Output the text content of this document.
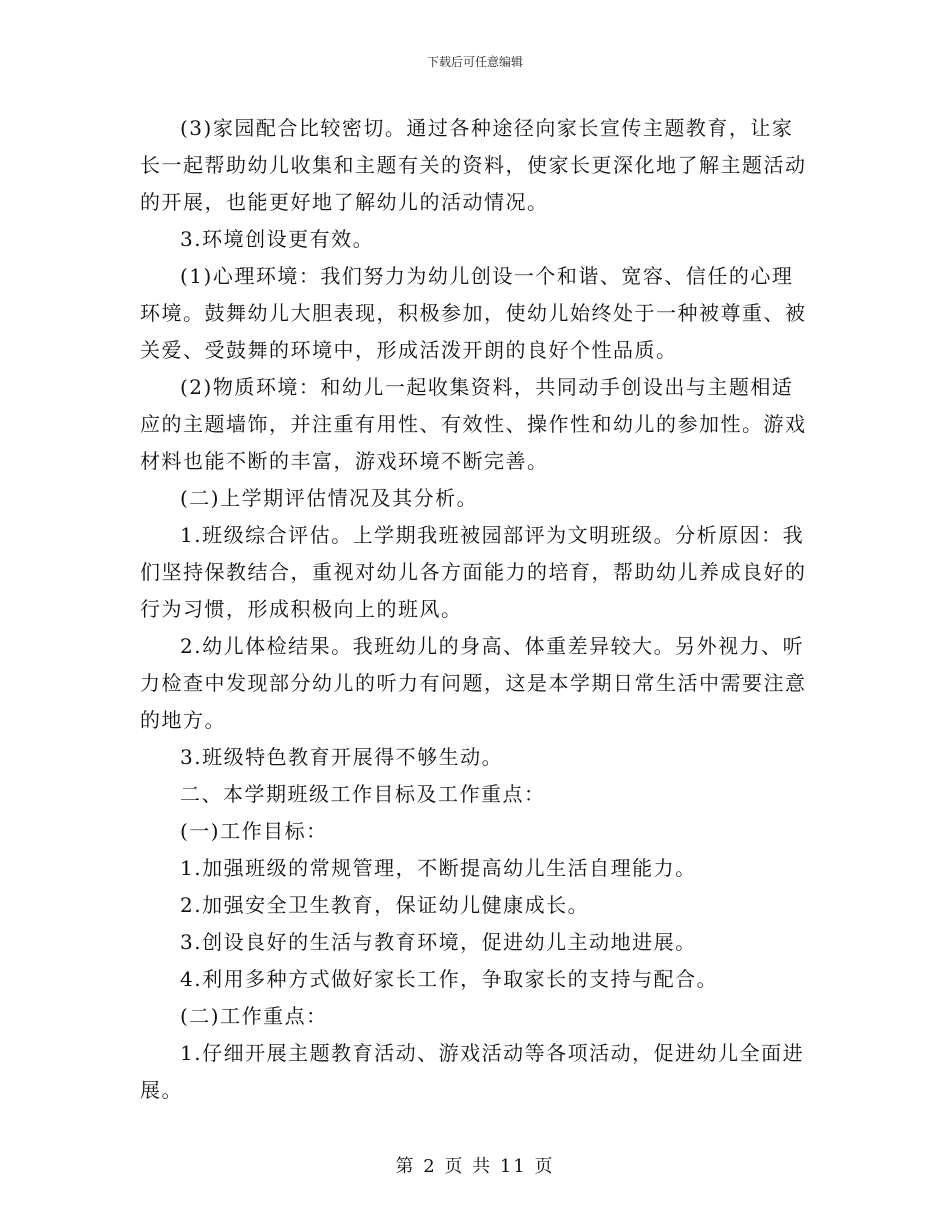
下载后可任意编辑

(3)家园配合比较密切。通过各种途径向家长宣传主题教育，让家长一起帮助幼儿收集和主题有关的资料，使家长更深化地了解主题活动的开展，也能更好地了解幼儿的活动情况。

3.环境创设更有效。

(1)心理环境：我们努力为幼儿创设一个和谐、宽容、信任的心理环境。鼓舞幼儿大胆表现，积极参加，使幼儿始终处于一种被尊重、被关爱、受鼓舞的环境中，形成活泼开朗的良好个性品质。

(2)物质环境：和幼儿一起收集资料，共同动手创设出与主题相适应的主题墙饰，并注重有用性、有效性、操作性和幼儿的参加性。游戏材料也能不断的丰富，游戏环境不断完善。

(二)上学期评估情况及其分析。

1.班级综合评估。上学期我班被园部评为文明班级。分析原因：我们坚持保教结合，重视对幼儿各方面能力的培育，帮助幼儿养成良好的行为习惯，形成积极向上的班风。

2.幼儿体检结果。我班幼儿的身高、体重差异较大。另外视力、听力检查中发现部分幼儿的听力有问题，这是本学期日常生活中需要注意的地方。

3.班级特色教育开展得不够生动。

二、本学期班级工作目标及工作重点：

(一)工作目标：

1.加强班级的常规管理，不断提高幼儿生活自理能力。

2.加强安全卫生教育，保证幼儿健康成长。

3.创设良好的生活与教育环境，促进幼儿主动地进展。

4.利用多种方式做好家长工作，争取家长的支持与配合。

(二)工作重点：

1.仔细开展主题教育活动、游戏活动等各项活动，促进幼儿全面进展。

第 2 页 共 11 页
